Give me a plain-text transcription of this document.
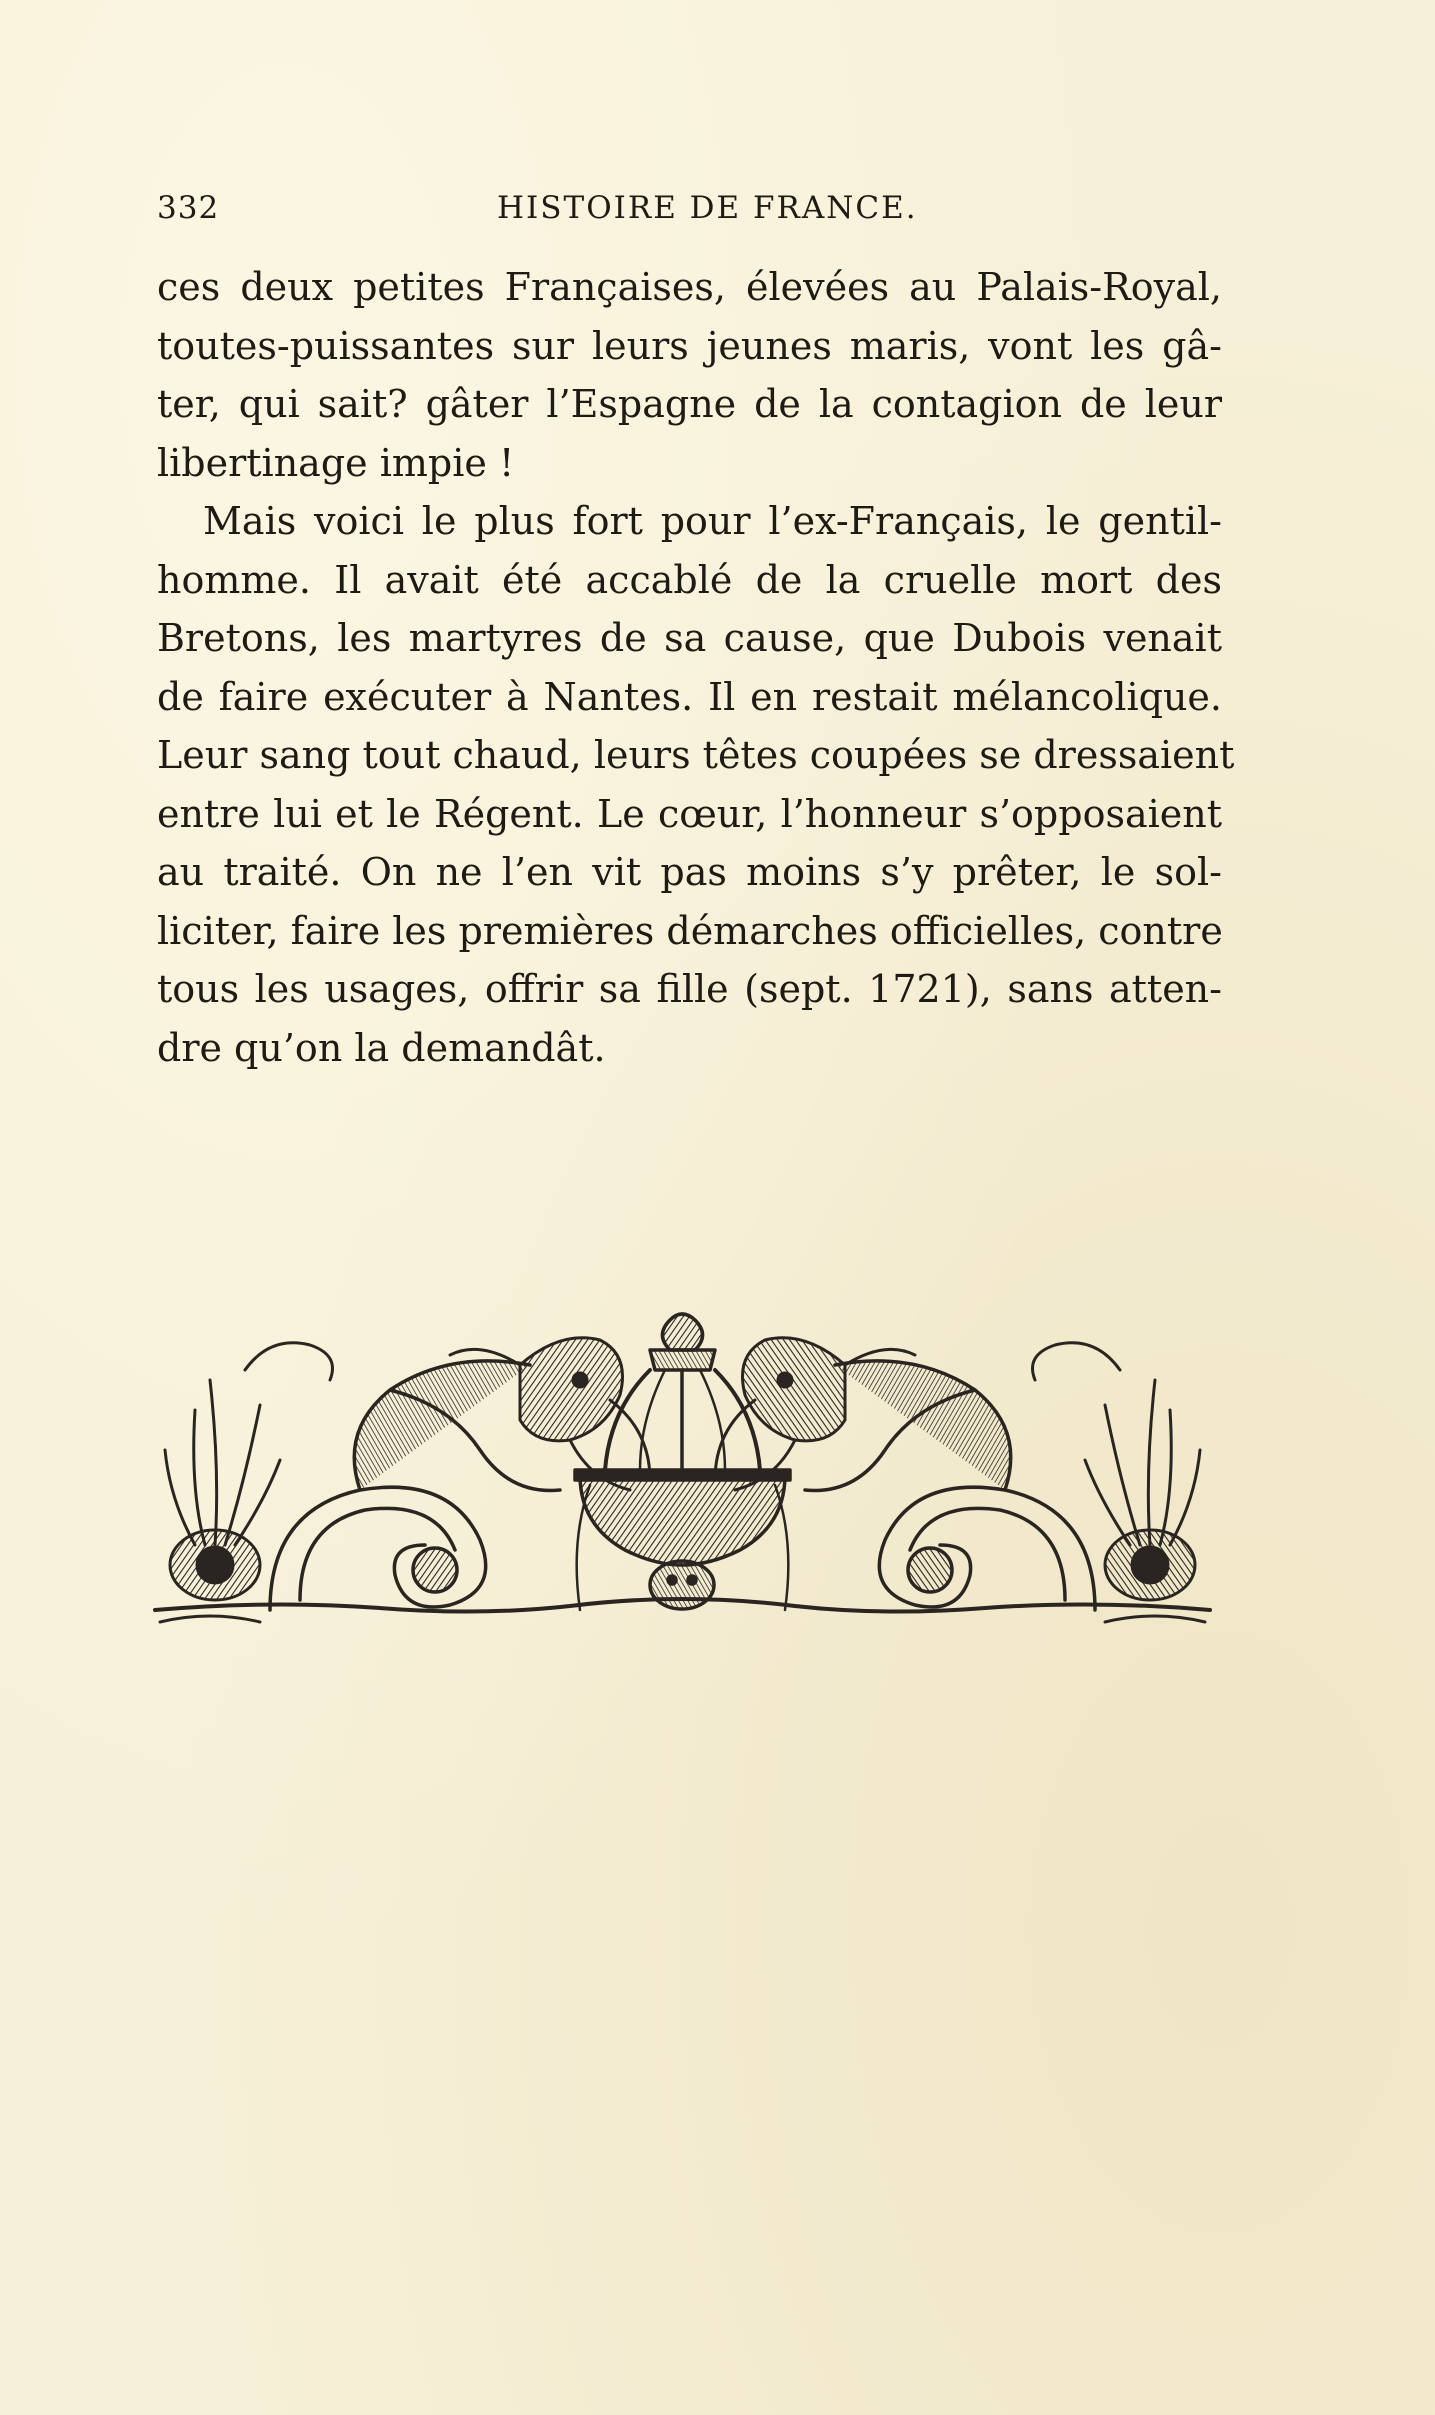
332	HISTOIRE DE FRANCE.
ces deux petites Françaises, élevées au Palais-Royal,
toutes-puissantes sur leurs jeunes maris, vont les gâ-
ter, qui sait? gâter l’Espagne de la contagion de leur
libertinage impie !
Mais voici le plus fort pour l’ex-Français, le gentil-
homme. Il avait été accablé de la cruelle mort des
Bretons, les martyres de sa cause, que Dubois venait
de faire exécuter à Nantes. Il en restait mélancolique.
Leur sang tout chaud, leurs têtes coupées se dressaient
entre lui et le Régent. Le cœur, l’honneur s’opposaient
au traité. On ne l’en vit pas moins s’y prêter, le sol-
liciter, faire les premières démarches officielles, contre
tous les usages, offrir sa fille (sept. 1721), sans atten-
dre qu’on la demandât.
